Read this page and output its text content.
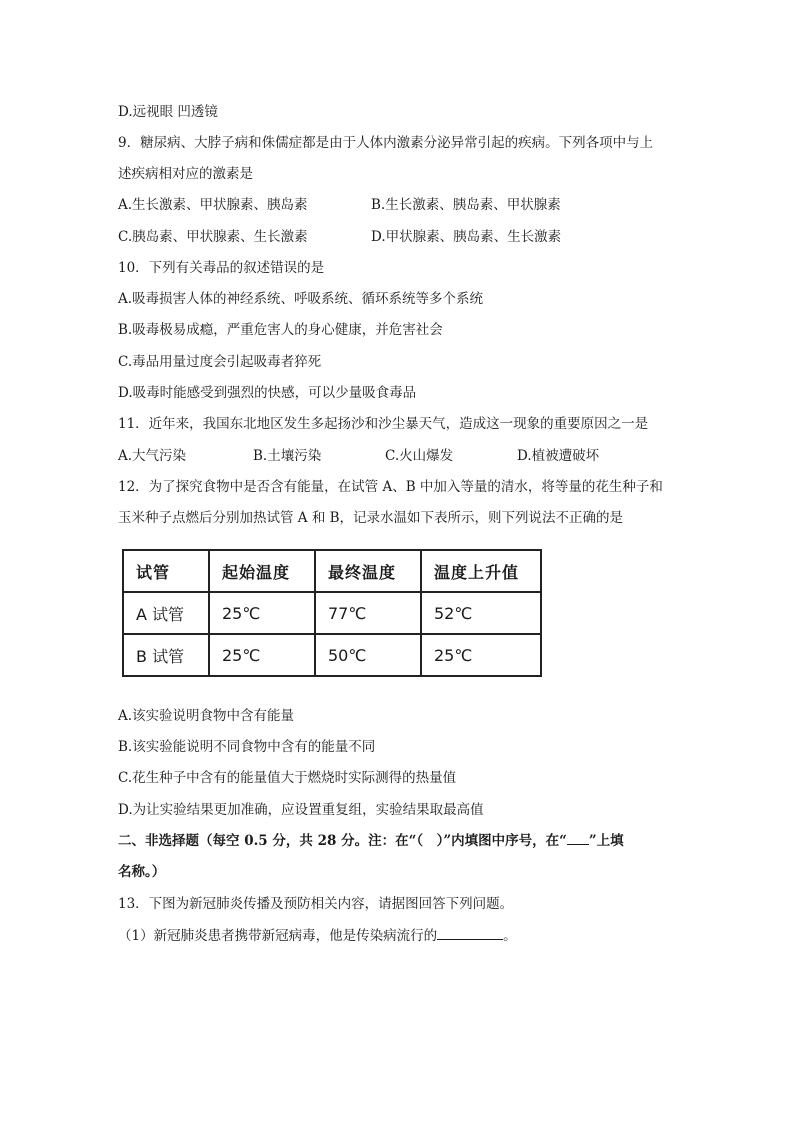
D.远视眼 凹透镜
9．糖尿病、大脖子病和侏儒症都是由于人体内激素分泌异常引起的疾病。下列各项中与上
述疾病相对应的激素是
A.生长激素、甲状腺素、胰岛素	B.生长激素、胰岛素、甲状腺素
C.胰岛素、甲状腺素、生长激素	D.甲状腺素、胰岛素、生长激素
10．下列有关毒品的叙述错误的是
A.吸毒损害人体的神经系统、呼吸系统、循环系统等多个系统
B.吸毒极易成瘾，严重危害人的身心健康，并危害社会
C.毒品用量过度会引起吸毒者猝死
D.吸毒时能感受到强烈的快感，可以少量吸食毒品
11．近年来，我国东北地区发生多起扬沙和沙尘暴天气，造成这一现象的重要原因之一是
A.大气污染	B.土壤污染	C.火山爆发	D.植被遭破坏
12．为了探究食物中是否含有能量，在试管 A、B 中加入等量的清水，将等量的花生种子和
玉米种子点燃后分别加热试管 A 和 B，记录水温如下表所示，则下列说法不正确的是
试管	起始温度	最终温度	温度上升值
A 试管	25℃	77℃	52℃
B 试管	25℃	50℃	25℃
A.该实验说明食物中含有能量
B.该实验能说明不同食物中含有的能量不同
C.花生种子中含有的能量值大于燃烧时实际测得的热量值
D.为让实验结果更加准确，应设置重复组，实验结果取最高值
二、非选择题（每空 0.5 分，共 28 分。注：在“（　）”内填图中序号，在“ ”上填
名称。）
13．下图为新冠肺炎传播及预防相关内容，请据图回答下列问题。
（1）新冠肺炎患者携带新冠病毒，他是传染病流行的	。
